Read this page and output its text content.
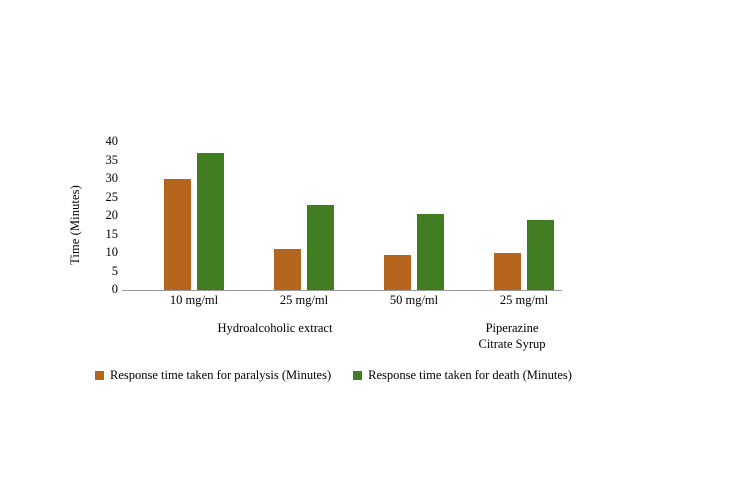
Time (Minutes)
40
35
30
25
20
15
10
5
0
10 mg/ml	25 mg/ml	50 mg/ml	25 mg/ml
Hydroalcoholic extract	Piperazine
Citrate Syrup
Response time taken for paralysis (Minutes)	Response time taken for death (Minutes)
